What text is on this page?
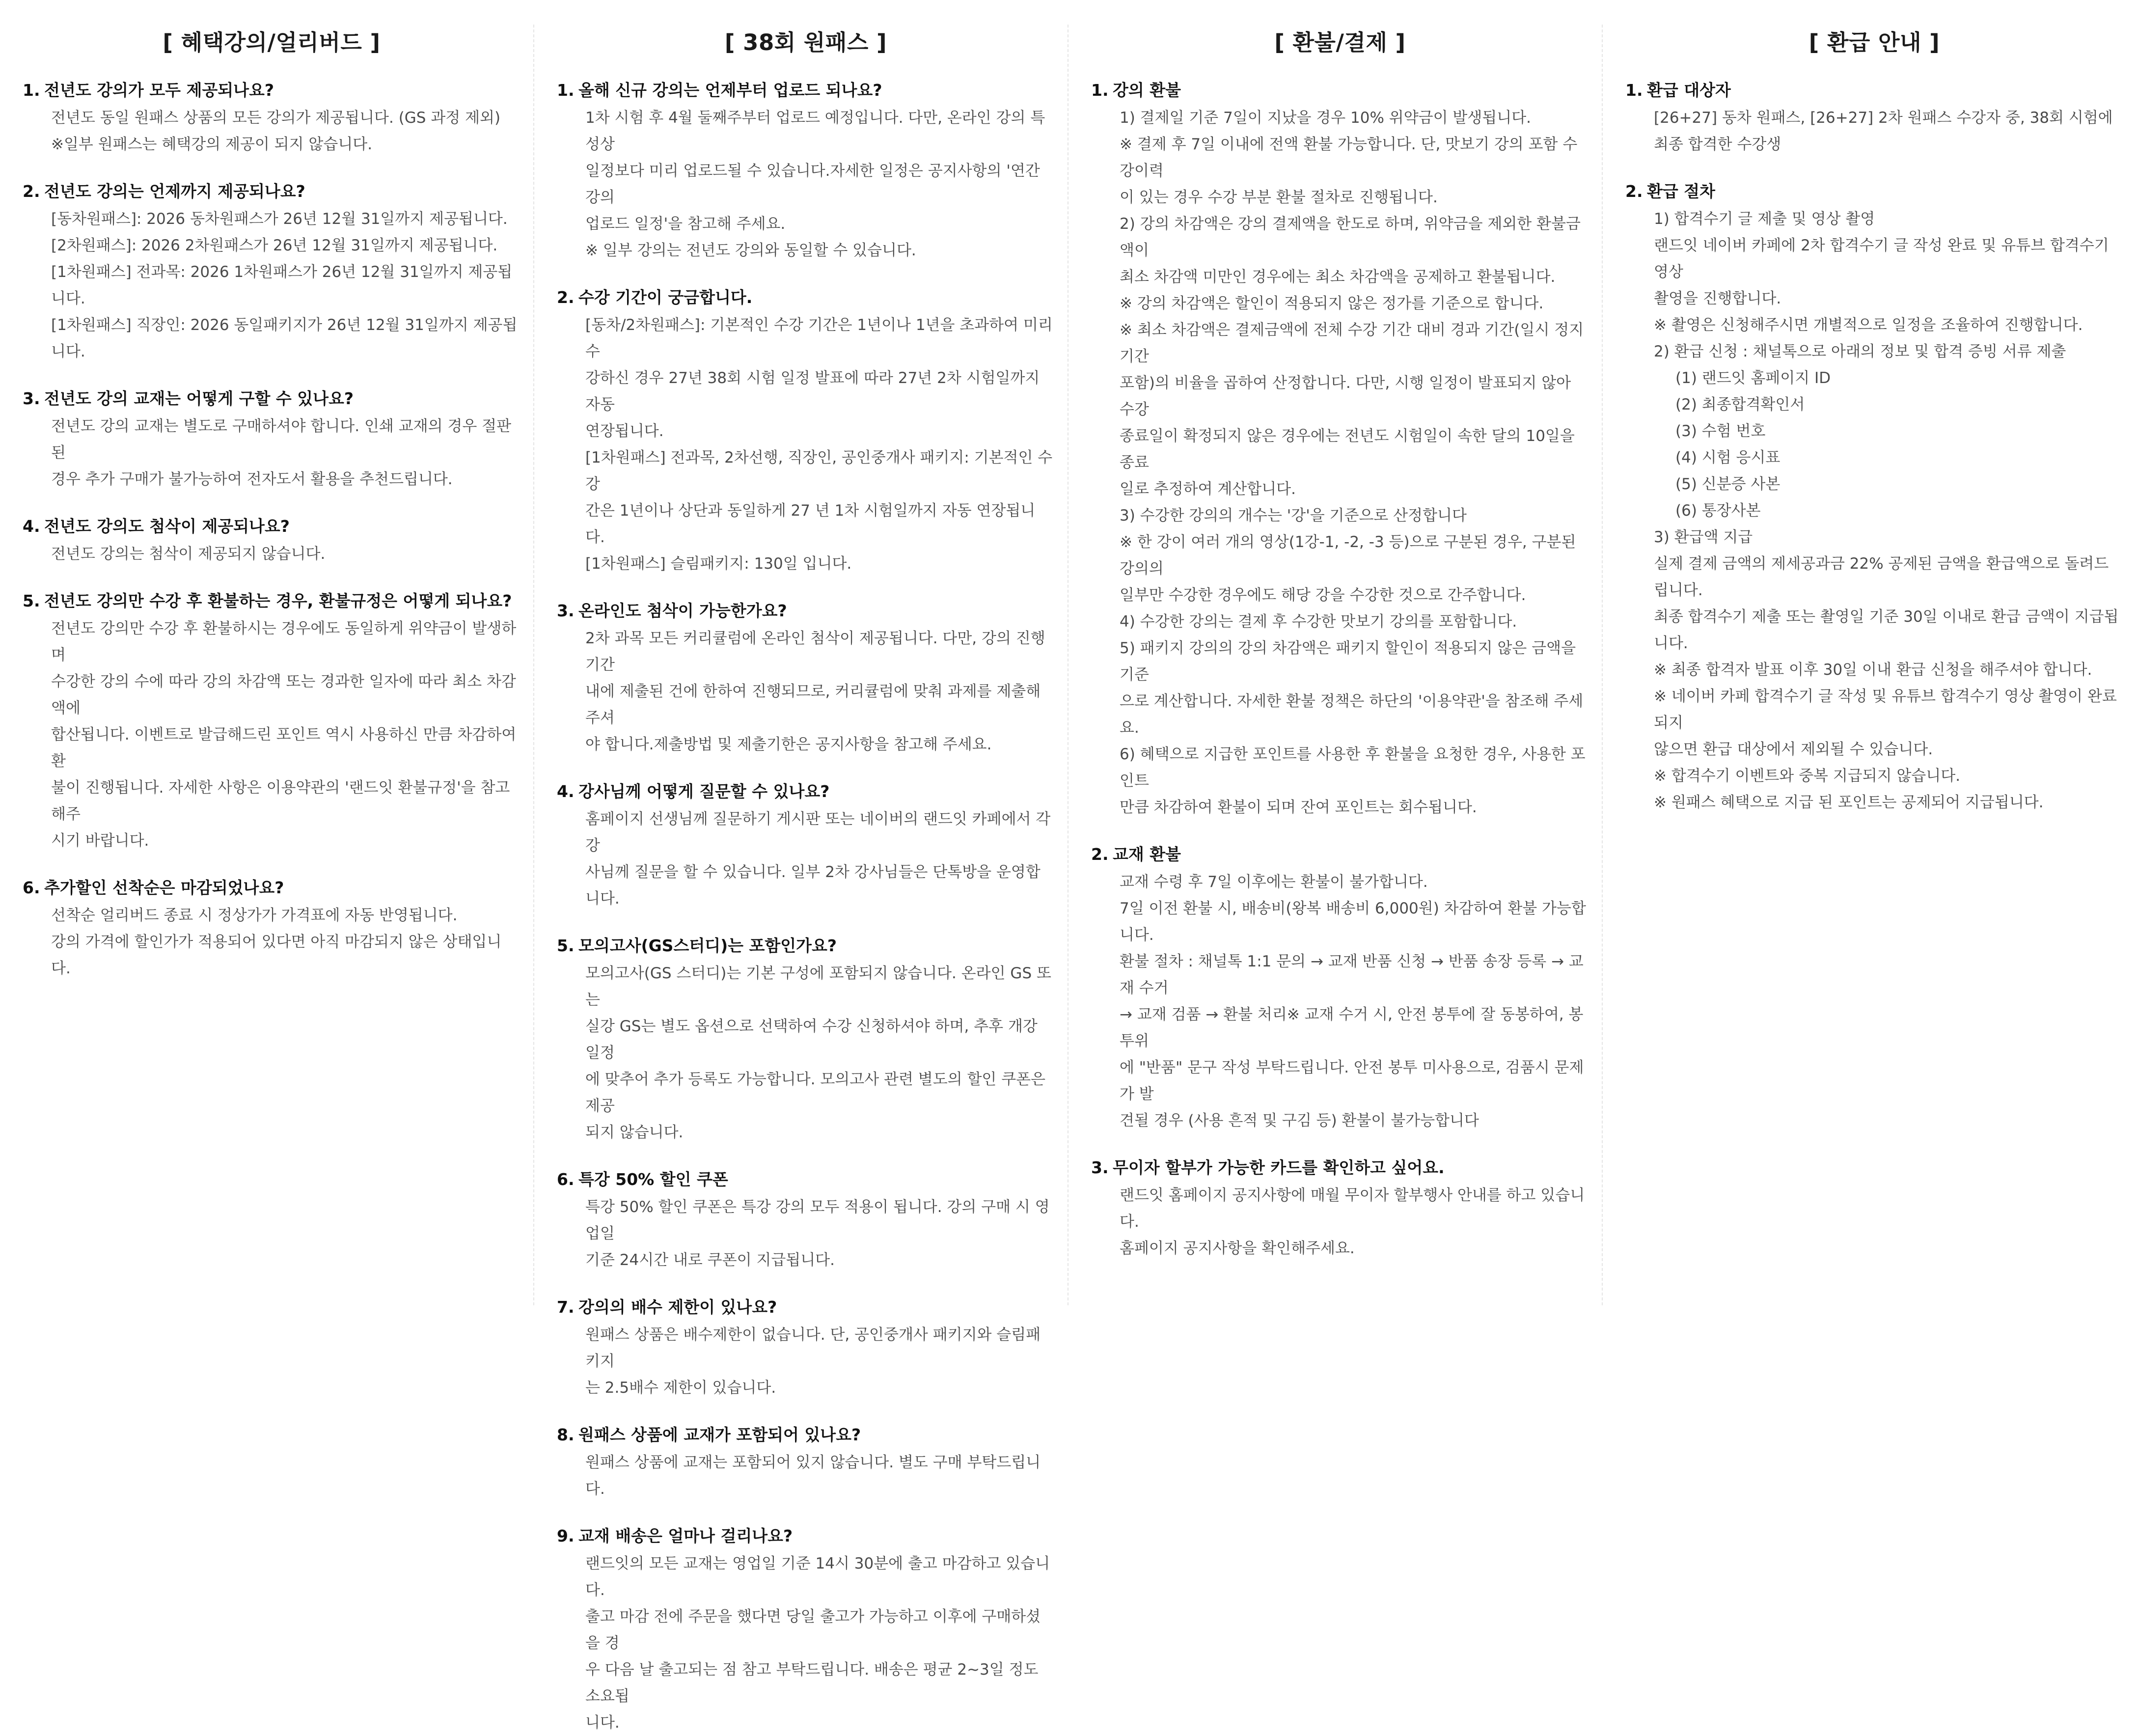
[ 혜택강의/얼리버드 ]
1. 전년도 강의가 모두 제공되나요?
전년도 동일 원패스 상품의 모든 강의가 제공됩니다. (GS 과정 제외)
※일부 원패스는 혜택강의 제공이 되지 않습니다.
2. 전년도 강의는 언제까지 제공되나요?
[동차원패스]: 2026 동차원패스가 26년 12월 31일까지 제공됩니다.
[2차원패스]: 2026 2차원패스가 26년 12월 31일까지 제공됩니다.
[1차원패스] 전과목: 2026 1차원패스가 26년 12월 31일까지 제공됩니다.
[1차원패스] 직장인: 2026 동일패키지가 26년 12월 31일까지 제공됩니다.
3. 전년도 강의 교재는 어떻게 구할 수 있나요?
전년도 강의 교재는 별도로 구매하셔야 합니다. 인쇄 교재의 경우 절판된
경우 추가 구매가 불가능하여 전자도서 활용을 추천드립니다.
4. 전년도 강의도 첨삭이 제공되나요?
전년도 강의는 첨삭이 제공되지 않습니다.
5. 전년도 강의만 수강 후 환불하는 경우, 환불규정은 어떻게 되나요?
전년도 강의만 수강 후 환불하시는 경우에도 동일하게 위약금이 발생하며
수강한 강의 수에 따라 강의 차감액 또는 경과한 일자에 따라 최소 차감액에
합산됩니다. 이벤트로 발급해드린 포인트 역시 사용하신 만큼 차감하여 환
불이 진행됩니다. 자세한 사항은 이용약관의 '랜드잇 환불규정'을 참고해주
시기 바랍니다.
6. 추가할인 선착순은 마감되었나요?
선착순 얼리버드 종료 시 정상가가 가격표에 자동 반영됩니다.
강의 가격에 할인가가 적용되어 있다면 아직 마감되지 않은 상태입니다.
[ 38회 원패스 ]
1. 올해 신규 강의는 언제부터 업로드 되나요?
1차 시험 후 4월 둘째주부터 업로드 예정입니다. 다만, 온라인 강의 특성상
일정보다 미리 업로드될 수 있습니다.자세한 일정은 공지사항의 '연간 강의
업로드 일정'을 참고해 주세요.
※ 일부 강의는 전년도 강의와 동일할 수 있습니다.
2. 수강 기간이 궁금합니다.
[동차/2차원패스]: 기본적인 수강 기간은 1년이나 1년을 초과하여 미리 수
강하신 경우 27년 38회 시험 일정 발표에 따라 27년 2차 시험일까지 자동
연장됩니다.
[1차원패스] 전과목, 2차선행, 직장인, 공인중개사 패키지: 기본적인 수강
간은 1년이나 상단과 동일하게 27 년 1차 시험일까지 자동 연장됩니다.
[1차원패스] 슬림패키지: 130일 입니다.
3. 온라인도 첨삭이 가능한가요?
2차 과목 모든 커리큘럼에 온라인 첨삭이 제공됩니다. 다만, 강의 진행 기간
내에 제출된 건에 한하여 진행되므로, 커리큘럼에 맞춰 과제를 제출해 주셔
야 합니다.제출방법 및 제출기한은 공지사항을 참고해 주세요.
4. 강사님께 어떻게 질문할 수 있나요?
홈페이지 선생님께 질문하기 게시판 또는 네이버의 랜드잇 카페에서 각 강
사님께 질문을 할 수 있습니다. 일부 2차 강사님들은 단톡방을 운영합니다.
5. 모의고사(GS스터디)는 포함인가요?
모의고사(GS 스터디)는 기본 구성에 포함되지 않습니다. 온라인 GS 또는
실강 GS는 별도 옵션으로 선택하여 수강 신청하셔야 하며, 추후 개강 일정
에 맞추어 추가 등록도 가능합니다. 모의고사 관련 별도의 할인 쿠폰은 제공
되지 않습니다.
6. 특강 50% 할인 쿠폰
특강 50% 할인 쿠폰은 특강 강의 모두 적용이 됩니다. 강의 구매 시 영업일
기준 24시간 내로 쿠폰이 지급됩니다.
7. 강의의 배수 제한이 있나요?
원패스 상품은 배수제한이 없습니다. 단, 공인중개사 패키지와 슬림패키지
는 2.5배수 제한이 있습니다.
8. 원패스 상품에 교재가 포함되어 있나요?
원패스 상품에 교재는 포함되어 있지 않습니다. 별도 구매 부탁드립니다.
9. 교재 배송은 얼마나 걸리나요?
랜드잇의 모든 교재는 영업일 기준 14시 30분에 출고 마감하고 있습니다.
출고 마감 전에 주문을 했다면 당일 출고가 가능하고 이후에 구매하셨을 경
우 다음 날 출고되는 점 참고 부탁드립니다. 배송은 평균 2~3일 정도 소요됩
니다.
[ 환불/결제 ]
1. 강의 환불
1) 결제일 기준 7일이 지났을 경우 10% 위약금이 발생됩니다.
※ 결제 후 7일 이내에 전액 환불 가능합니다. 단, 맛보기 강의 포함 수강이력
이 있는 경우 수강 부분 환불 절차로 진행됩니다.
2) 강의 차감액은 강의 결제액을 한도로 하며, 위약금을 제외한 환불금액이
최소 차감액 미만인 경우에는 최소 차감액을 공제하고 환불됩니다.
※ 강의 차감액은 할인이 적용되지 않은 정가를 기준으로 합니다.
※ 최소 차감액은 결제금액에 전체 수강 기간 대비 경과 기간(일시 정지 기간
포함)의 비율을 곱하여 산정합니다. 다만, 시행 일정이 발표되지 않아 수강
종료일이 확정되지 않은 경우에는 전년도 시험일이 속한 달의 10일을 종료
일로 추정하여 계산합니다.
3) 수강한 강의의 개수는 '강'을 기준으로 산정합니다
※ 한 강이 여러 개의 영상(1강-1, -2, -3 등)으로 구분된 경우, 구분된 강의의
일부만 수강한 경우에도 해당 강을 수강한 것으로 간주합니다.
4) 수강한 강의는 결제 후 수강한 맛보기 강의를 포함합니다.
5) 패키지 강의의 강의 차감액은 패키지 할인이 적용되지 않은 금액을 기준
으로 계산합니다. 자세한 환불 정책은 하단의 '이용약관'을 참조해 주세요.
6) 혜택으로 지급한 포인트를 사용한 후 환불을 요청한 경우, 사용한 포인트
만큼 차감하여 환불이 되며 잔여 포인트는 회수됩니다.
2. 교재 환불
교재 수령 후 7일 이후에는 환불이 불가합니다.
7일 이전 환불 시, 배송비(왕복 배송비 6,000원) 차감하여 환불 가능합니다.
환불 절차 : 채널톡 1:1 문의 → 교재 반품 신청 → 반품 송장 등록 → 교재 수거
→ 교재 검품 → 환불 처리※ 교재 수거 시, 안전 봉투에 잘 동봉하여, 봉투위
에 "반품" 문구 작성 부탁드립니다. 안전 봉투 미사용으로, 검품시 문제가 발
견될 경우 (사용 흔적 및 구김 등) 환불이 불가능합니다
3. 무이자 할부가 가능한 카드를 확인하고 싶어요.
랜드잇 홈페이지 공지사항에 매월 무이자 할부행사 안내를 하고 있습니다.
홈페이지 공지사항을 확인해주세요.
[ 환급 안내 ]
1. 환급 대상자
[26+27] 동차 원패스, [26+27] 2차 원패스 수강자 중, 38회 시험에
최종 합격한 수강생
2. 환급 절차
1) 합격수기 글 제출 및 영상 촬영
랜드잇 네이버 카페에 2차 합격수기 글 작성 완료 및 유튜브 합격수기 영상
촬영을 진행합니다.
※ 촬영은 신청해주시면 개별적으로 일정을 조율하여 진행합니다.
2) 환급 신청 : 채널톡으로 아래의 정보 및 합격 증빙 서류 제출
(1) 랜드잇 홈페이지 ID
(2) 최종합격확인서
(3) 수험 번호
(4) 시험 응시표
(5) 신분증 사본
(6) 통장사본
3) 환급액 지급
실제 결제 금액의 제세공과금 22% 공제된 금액을 환급액으로 돌려드립니다.
최종 합격수기 제출 또는 촬영일 기준 30일 이내로 환급 금액이 지급됩니다.
※ 최종 합격자 발표 이후 30일 이내 환급 신청을 해주셔야 합니다.
※ 네이버 카페 합격수기 글 작성 및 유튜브 합격수기 영상 촬영이 완료되지
않으면 환급 대상에서 제외될 수 있습니다.
※ 합격수기 이벤트와 중복 지급되지 않습니다.
※ 원패스 혜택으로 지급 된 포인트는 공제되어 지급됩니다.
